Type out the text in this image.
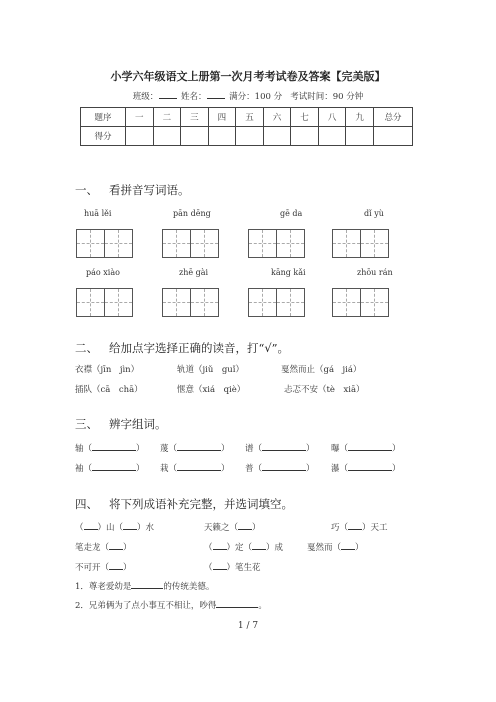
小学六年级语文上册第一次月考考试卷及答案【完美版】
班级：	姓名：	满分：100 分 考试时间：90 分钟
题序	一	二	三	四	五	六	七	八	九	总分
得分										
一、 看拼音写词语。
huā lěi	pān dēng	gē da	dǐ yù
páo xiào	zhē gài	kāng kǎi	zhōu rán
二、 给加点字选择正确的读音，打“√”。
衣襟（jīn　jìn）	轨道（jiǔ　guǐ）	戛然而止（gá　jiá）
插队（cā　chā）	惬意（xiá　qiè）	忐忑不安（tè　xiā）
三、 辨字组词。
轴（	） 蔑（	） 谱（	） 曝（	）
袖（	） 栽（	） 普（	） 瀑（	）
四、 将下列成语补充完整，并选词填空。
（ ）山（ ）水	天籁之（ ）	巧（ ）天工
笔走龙（ ）	（ ）定（ ）成	戛然而（ ）
不可开（ ）	（ ）笔生花
1．尊老爱幼是	的传统美德。
2．兄弟俩为了点小事互不相让，吵得	。
1 / 7
